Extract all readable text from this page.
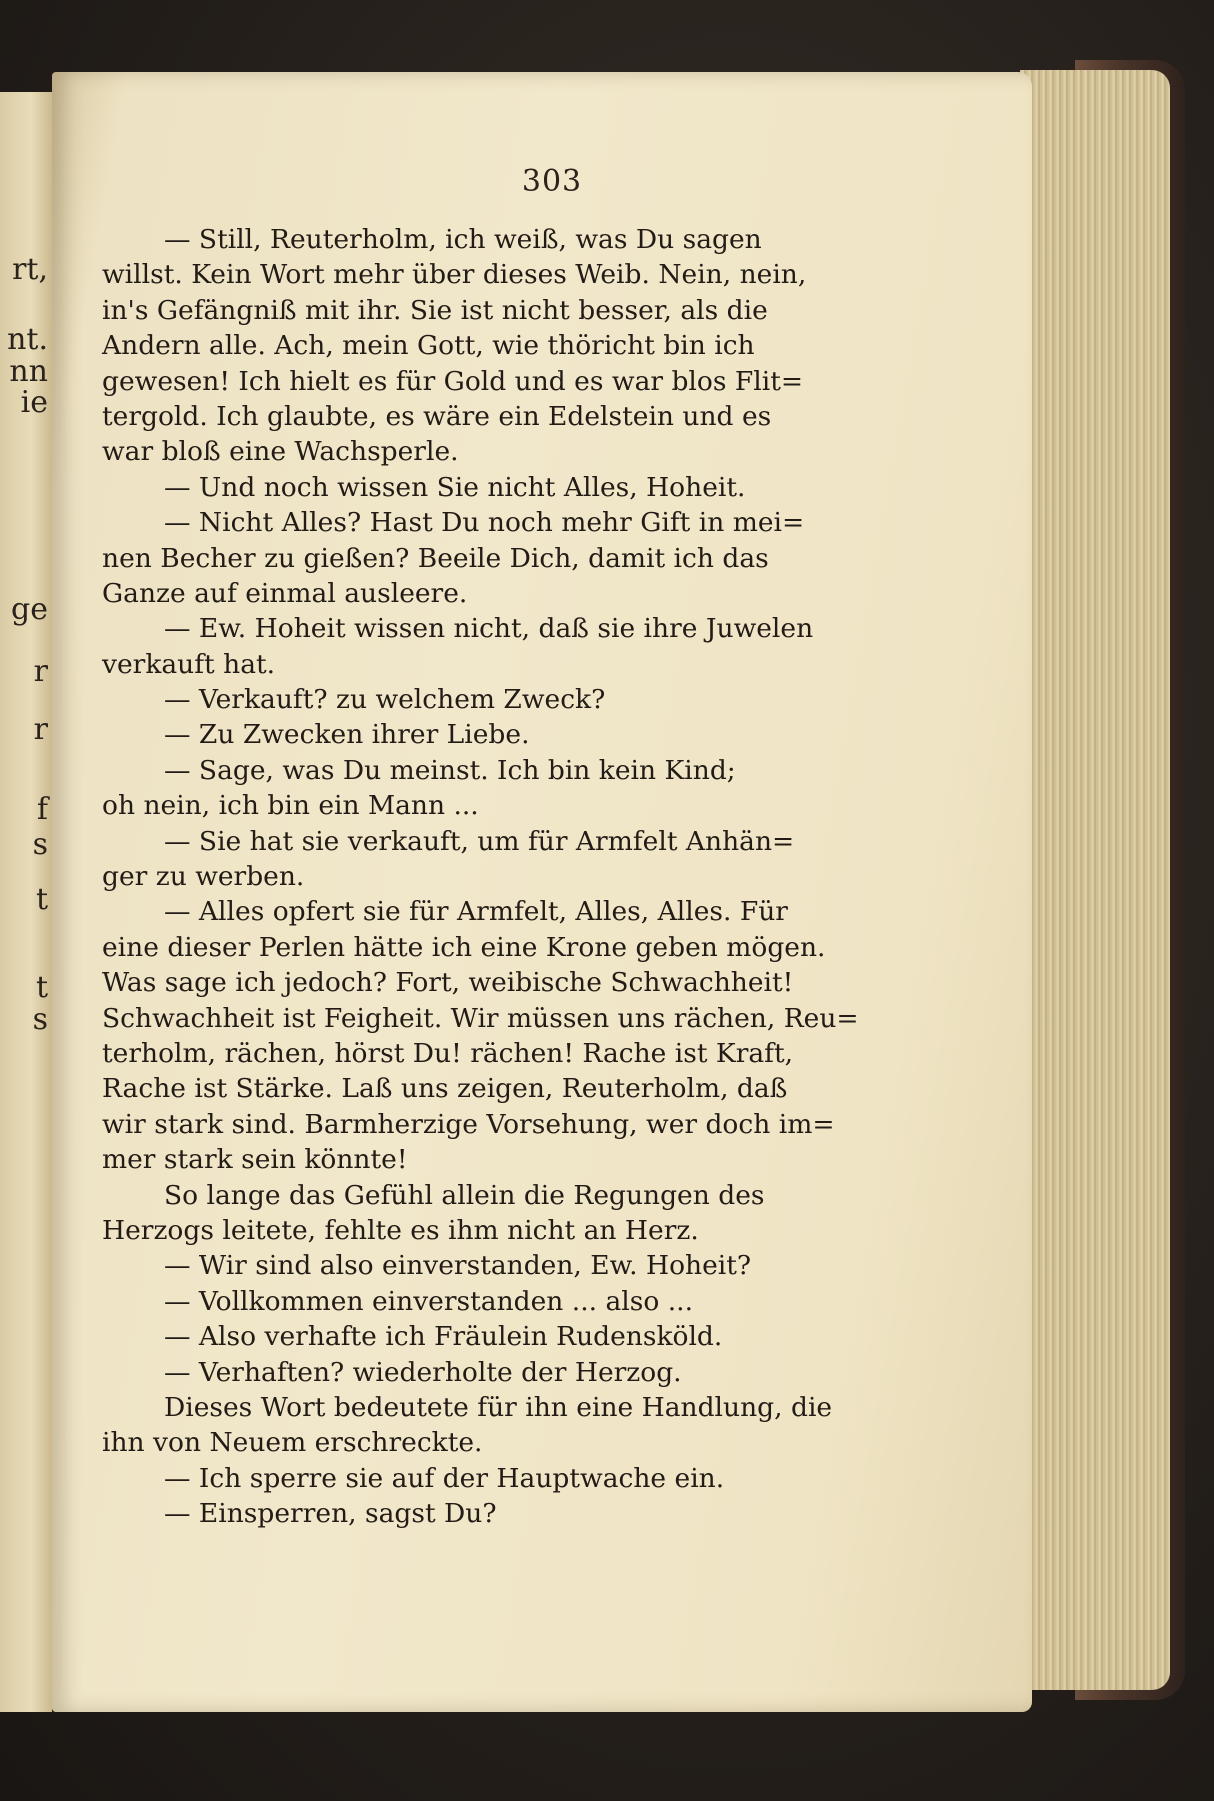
rt,
nt.
nn
ie
ge
r
r
f
s
t
t
s
303
— Still, Reuterholm, ich weiß, was Du sagen
willst. Kein Wort mehr über dieses Weib. Nein, nein,
in's Gefängniß mit ihr. Sie ist nicht besser, als die
Andern alle. Ach, mein Gott, wie thöricht bin ich
gewesen! Ich hielt es für Gold und es war blos Flit=
tergold. Ich glaubte, es wäre ein Edelstein und es
war bloß eine Wachsperle.
— Und noch wissen Sie nicht Alles, Hoheit.
— Nicht Alles? Hast Du noch mehr Gift in mei=
nen Becher zu gießen? Beeile Dich, damit ich das
Ganze auf einmal ausleere.
— Ew. Hoheit wissen nicht, daß sie ihre Juwelen
verkauft hat.
— Verkauft? zu welchem Zweck?
— Zu Zwecken ihrer Liebe.
— Sage, was Du meinst. Ich bin kein Kind;
oh nein, ich bin ein Mann ...
— Sie hat sie verkauft, um für Armfelt Anhän=
ger zu werben.
— Alles opfert sie für Armfelt, Alles, Alles. Für
eine dieser Perlen hätte ich eine Krone geben mögen.
Was sage ich jedoch? Fort, weibische Schwachheit!
Schwachheit ist Feigheit. Wir müssen uns rächen, Reu=
terholm, rächen, hörst Du! rächen! Rache ist Kraft,
Rache ist Stärke. Laß uns zeigen, Reuterholm, daß
wir stark sind. Barmherzige Vorsehung, wer doch im=
mer stark sein könnte!
So lange das Gefühl allein die Regungen des
Herzogs leitete, fehlte es ihm nicht an Herz.
— Wir sind also einverstanden, Ew. Hoheit?
— Vollkommen einverstanden ... also ...
— Also verhafte ich Fräulein Rudensköld.
— Verhaften? wiederholte der Herzog.
Dieses Wort bedeutete für ihn eine Handlung, die
ihn von Neuem erschreckte.
— Ich sperre sie auf der Hauptwache ein.
— Einsperren, sagst Du?
